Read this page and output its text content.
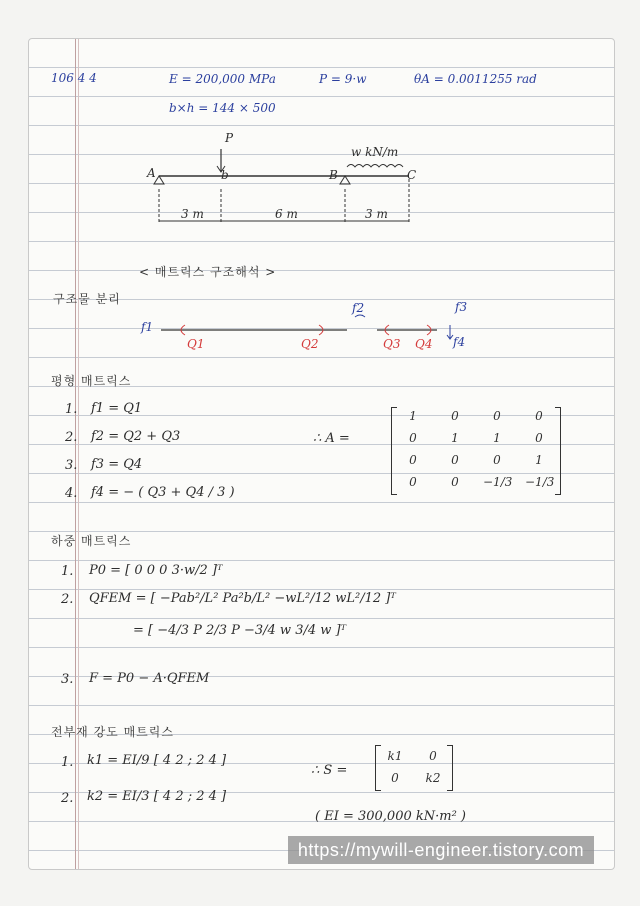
106 4 4	E = 200,000 MPa	P = 9·w	θA = 0.0011255 rad
b×h = 144 × 500
P
w kN/m
A	b	B	C
3 m	6 m	3 m
< 매트릭스 구조해석 >
구조물 분리
f1
f2	f3
f4
Q1	Q2	Q3 Q4
평형 매트릭스
1. f1 = Q1
2. f2 = Q2 + Q3
3. f3 = Q4
4. f4 = − ( Q3 + Q4 / 3 )
∴ A =
1	0	0	0
0	1	1	0
0	0	0	1
0	0	−1/3 −1/3
하중 매트릭스
1. P0 = [ 0 0 0 3·w/2 ]ᵀ
2. QFEM = [ −Pab²/L² Pa²b/L² −wL²/12 wL²/12 ]ᵀ
= [ −4/3 P 2/3 P −3/4 w 3/4 w ]ᵀ
3. F = P0 − A·QFEM
전부재 강도 매트릭스
1. k1 = EI/9 [ 4 2 ; 2 4 ]
2. k2 = EI/3 [ 4 2 ; 2 4 ]
∴ S =
k1	0
0	k2
( EI = 300,000 kN·m² )
https://mywill-engineer.tistory.com
